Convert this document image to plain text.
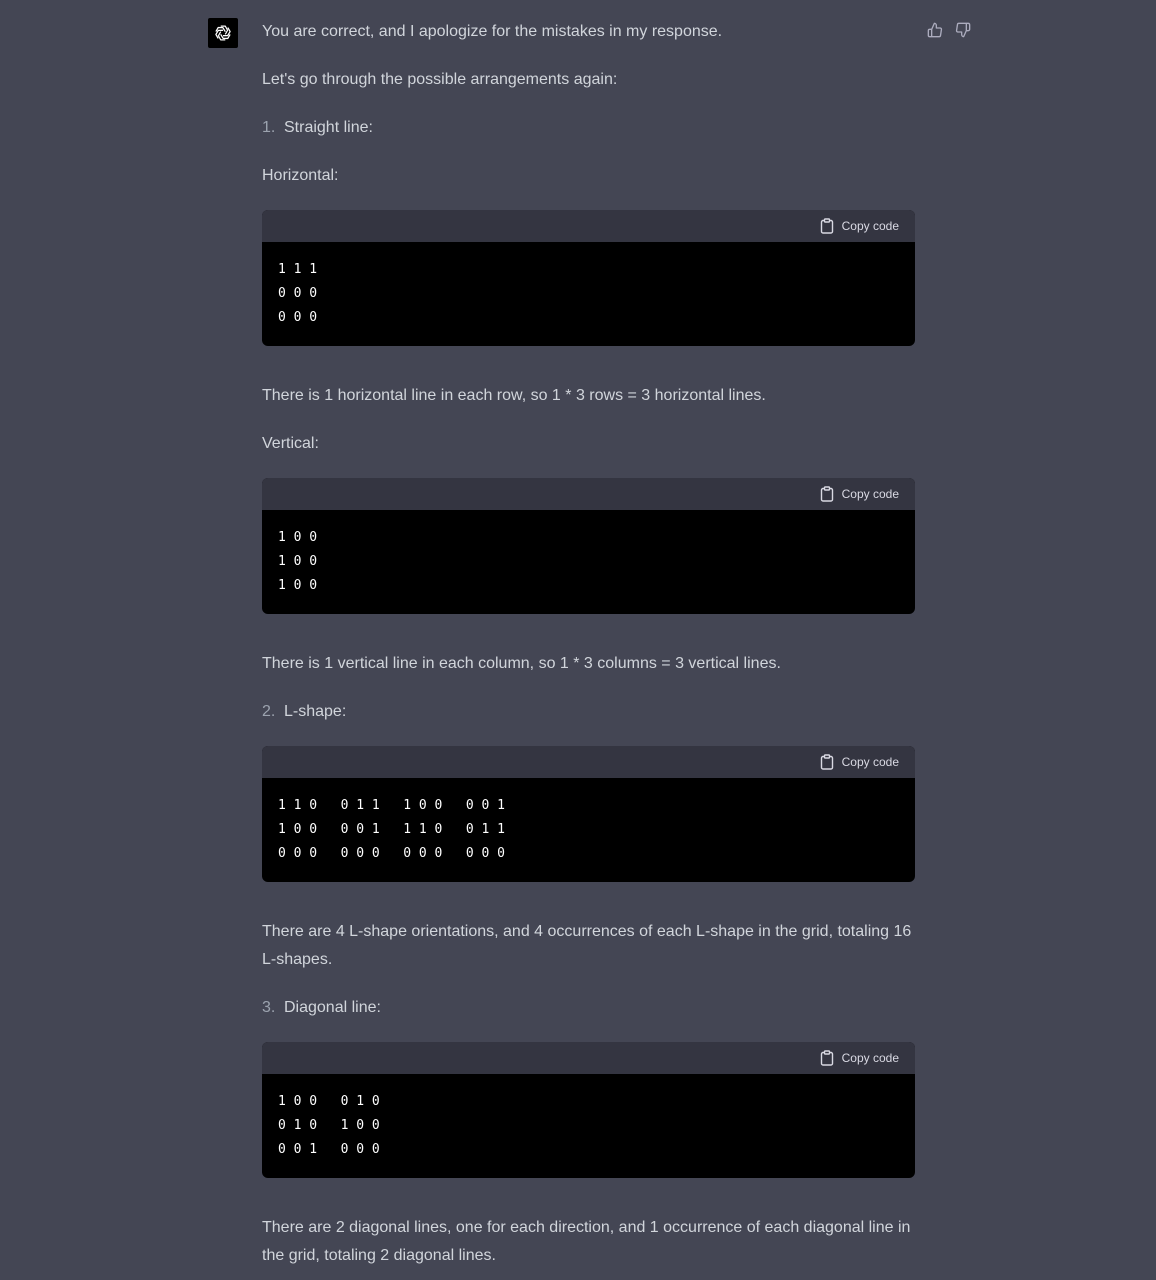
You are correct, and I apologize for the mistakes in my response.

Let's go through the possible arrangements again:

1. Straight line:

Horizontal:

Copy code
1 1 1
0 0 0
0 0 0

There is 1 horizontal line in each row, so 1 * 3 rows = 3 horizontal lines.

Vertical:

Copy code
1 0 0
1 0 0
1 0 0

There is 1 vertical line in each column, so 1 * 3 columns = 3 vertical lines.

2. L-shape:
Copy code
1 1 0   0 1 1   1 0 0   0 0 1
1 0 0   0 0 1   1 1 0   0 1 1
0 0 0   0 0 0   0 0 0   0 0 0

There are 4 L-shape orientations, and 4 occurrences of each L-shape in the grid, totaling 16 L-shapes.

3. Diagonal line:
Copy code
1 0 0   0 1 0
0 1 0   1 0 0
0 0 1   0 0 0

There are 2 diagonal lines, one for each direction, and 1 occurrence of each diagonal line in the grid, totaling 2 diagonal lines.
